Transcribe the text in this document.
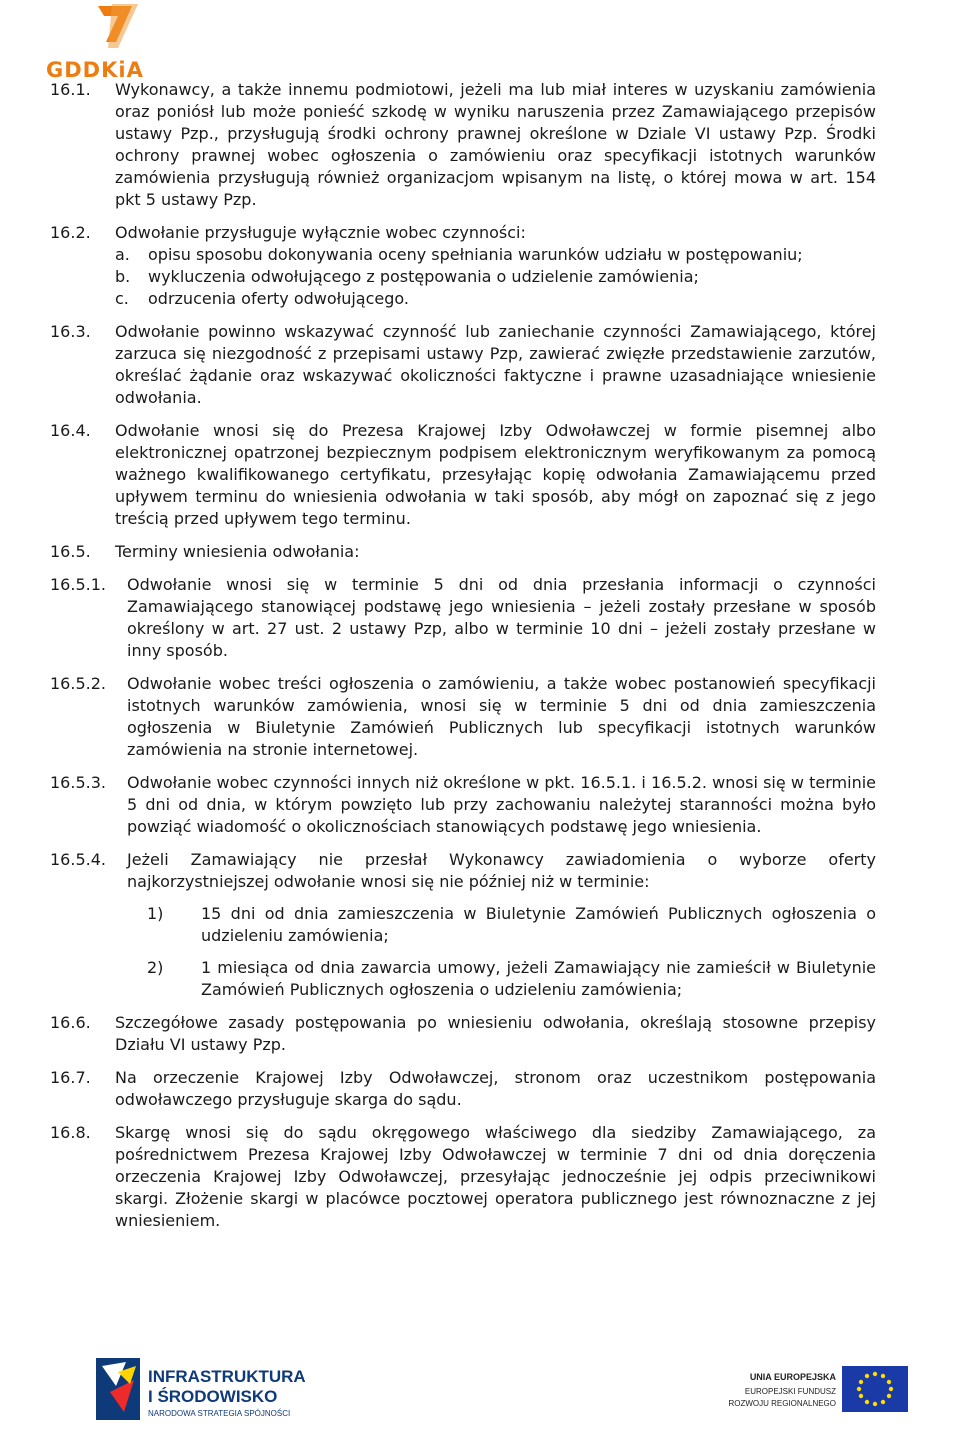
GDDKiA
16.1. Wykonawcy, a także innemu podmiotowi, jeżeli ma lub miał interes w uzyskaniu zamówienia oraz poniósł lub może ponieść szkodę w wyniku naruszenia przez Zamawiającego przepisów ustawy Pzp., przysługują środki ochrony prawnej określone w Dziale VI ustawy Pzp. Środki ochrony prawnej wobec ogłoszenia o zamówieniu oraz specyfikacji istotnych warunków zamówienia przysługują również organizacjom wpisanym na listę, o której mowa w art. 154 pkt 5 ustawy Pzp.
16.2. Odwołanie przysługuje wyłącznie wobec czynności:
a. opisu sposobu dokonywania oceny spełniania warunków udziału w postępowaniu;
b. wykluczenia odwołującego z postępowania o udzielenie zamówienia;
c. odrzucenia oferty odwołującego.
16.3. Odwołanie powinno wskazywać czynność lub zaniechanie czynności Zamawiającego, której zarzuca się niezgodność z przepisami ustawy Pzp, zawierać zwięzłe przedstawienie zarzutów, określać żądanie oraz wskazywać okoliczności faktyczne i prawne uzasadniające wniesienie odwołania.
16.4. Odwołanie wnosi się do Prezesa Krajowej Izby Odwoławczej w formie pisemnej albo elektronicznej opatrzonej bezpiecznym podpisem elektronicznym weryfikowanym za pomocą ważnego kwalifikowanego certyfikatu, przesyłając kopię odwołania Zamawiającemu przed upływem terminu do wniesienia odwołania w taki sposób, aby mógł on zapoznać się z jego treścią przed upływem tego terminu.
16.5. Terminy wniesienia odwołania:
16.5.1. Odwołanie wnosi się w terminie 5 dni od dnia przesłania informacji o czynności Zamawiającego stanowiącej podstawę jego wniesienia – jeżeli zostały przesłane w sposób określony w art. 27 ust. 2 ustawy Pzp, albo w terminie 10 dni – jeżeli zostały przesłane w inny sposób.
16.5.2. Odwołanie wobec treści ogłoszenia o zamówieniu, a także wobec postanowień specyfikacji istotnych warunków zamówienia, wnosi się w terminie 5 dni od dnia zamieszczenia ogłoszenia w Biuletynie Zamówień Publicznych lub specyfikacji istotnych warunków zamówienia na stronie internetowej.
16.5.3. Odwołanie wobec czynności innych niż określone w pkt. 16.5.1. i 16.5.2. wnosi się w terminie 5 dni od dnia, w którym powzięto lub przy zachowaniu należytej staranności można było powziąć wiadomość o okolicznościach stanowiących podstawę jego wniesienia.
16.5.4. Jeżeli Zamawiający nie przesłał Wykonawcy zawiadomienia o wyborze oferty najkorzystniejszej odwołanie wnosi się nie później niż w terminie:
1) 15 dni od dnia zamieszczenia w Biuletynie Zamówień Publicznych ogłoszenia o udzieleniu zamówienia;
2) 1 miesiąca od dnia zawarcia umowy, jeżeli Zamawiający nie zamieścił w Biuletynie Zamówień Publicznych ogłoszenia o udzieleniu zamówienia;
16.6. Szczegółowe zasady postępowania po wniesieniu odwołania, określają stosowne przepisy Działu VI ustawy Pzp.
16.7. Na orzeczenie Krajowej Izby Odwoławczej, stronom oraz uczestnikom postępowania odwoławczego przysługuje skarga do sądu.
16.8. Skargę wnosi się do sądu okręgowego właściwego dla siedziby Zamawiającego, za pośrednictwem Prezesa Krajowej Izby Odwoławczej w terminie 7 dni od dnia doręczenia orzeczenia Krajowej Izby Odwoławczej, przesyłając jednocześnie jej odpis przeciwnikowi skargi. Złożenie skargi w placówce pocztowej operatora publicznego jest równoznaczne z jej wniesieniem.
INFRASTRUKTURA
I ŚRODOWISKO
NARODOWA STRATEGIA SPÓJNOŚCI
UNIA EUROPEJSKA
EUROPEJSKI FUNDUSZ
ROZWOJU REGIONALNEGO
